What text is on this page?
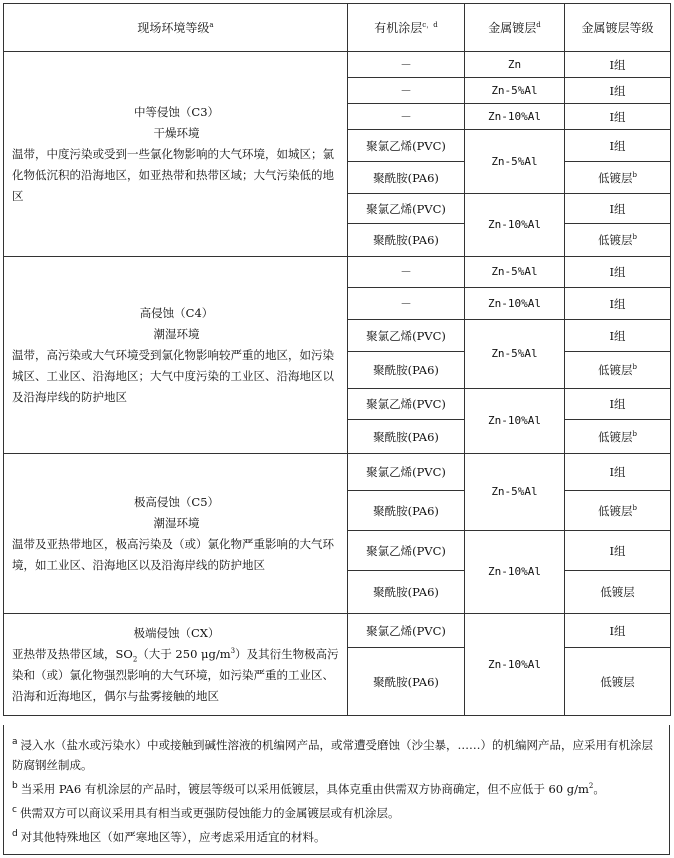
现场环境等级$^a$	有机涂层$^{c,d}$	金属镀层$^d$	金属镀层等级

中等侵蚀（C3）
干燥环境
温带，中度污染或受到一些氯化物影响的大气环境，如城区；氯化物低沉积的沿海地区，如亚热带和热带区域；大气污染低的地区	－	Zn	Ⅰ组
	－	Zn-5%Al	Ⅰ组
	－	Zn-10%Al	Ⅰ组
	聚氯乙烯(PVC)	Zn-5%Al	Ⅰ组
	聚酰胺(PA6)		低镀层$^b$
	聚氯乙烯(PVC)	Zn-10%Al	Ⅰ组
	聚酰胺(PA6)		低镀层$^b$

高侵蚀（C4）
潮湿环境
温带，高污染或大气环境受到氯化物影响较严重的地区，如污染城区、工业区、沿海地区；大气中度污染的工业区、沿海地区以及沿海岸线的防护地区	－	Zn-5%Al	Ⅰ组
	－	Zn-10%Al	Ⅰ组
	聚氯乙烯(PVC)	Zn-5%Al	Ⅰ组
	聚酰胺(PA6)		低镀层$^b$
	聚氯乙烯(PVC)	Zn-10%Al	Ⅰ组
	聚酰胺(PA6)		低镀层$^b$

极高侵蚀（C5）
潮湿环境
温带及亚热带地区，极高污染及（或）氯化物严重影响的大气环境，如工业区、沿海地区以及沿海岸线的防护地区	聚氯乙烯(PVC)	Zn-5%Al	Ⅰ组
	聚酰胺(PA6)		低镀层$^b$
	聚氯乙烯(PVC)	Zn-10%Al	Ⅰ组
	聚酰胺(PA6)		低镀层

极端侵蚀（CX）
亚热带及热带区域，$SO_2$（大于 250 $\mu g/m^3$）及其衍生物极高污染和（或）氯化物强烈影响的大气环境，如污染严重的工业区、沿海和近海地区，偶尔与盐雾接触的地区	聚氯乙烯(PVC)	Zn-10%Al	Ⅰ组
	聚酰胺(PA6)		低镀层

$^a$ 浸入水（盐水或污染水）中或接触到碱性溶液的机编网产品，或常遭受磨蚀（沙尘暴，……）的机编网产品，应采用有机涂层防腐钢丝制成。

$^b$ 当采用 PA6 有机涂层的产品时，镀层等级可以采用低镀层，具体克重由供需双方协商确定，但不应低于 60 $g/m^2$。

$^c$ 供需双方可以商议采用具有相当或更强防侵蚀能力的金属镀层或有机涂层。

$^d$ 对其他特殊地区（如严寒地区等），应考虑采用适宜的材料。
